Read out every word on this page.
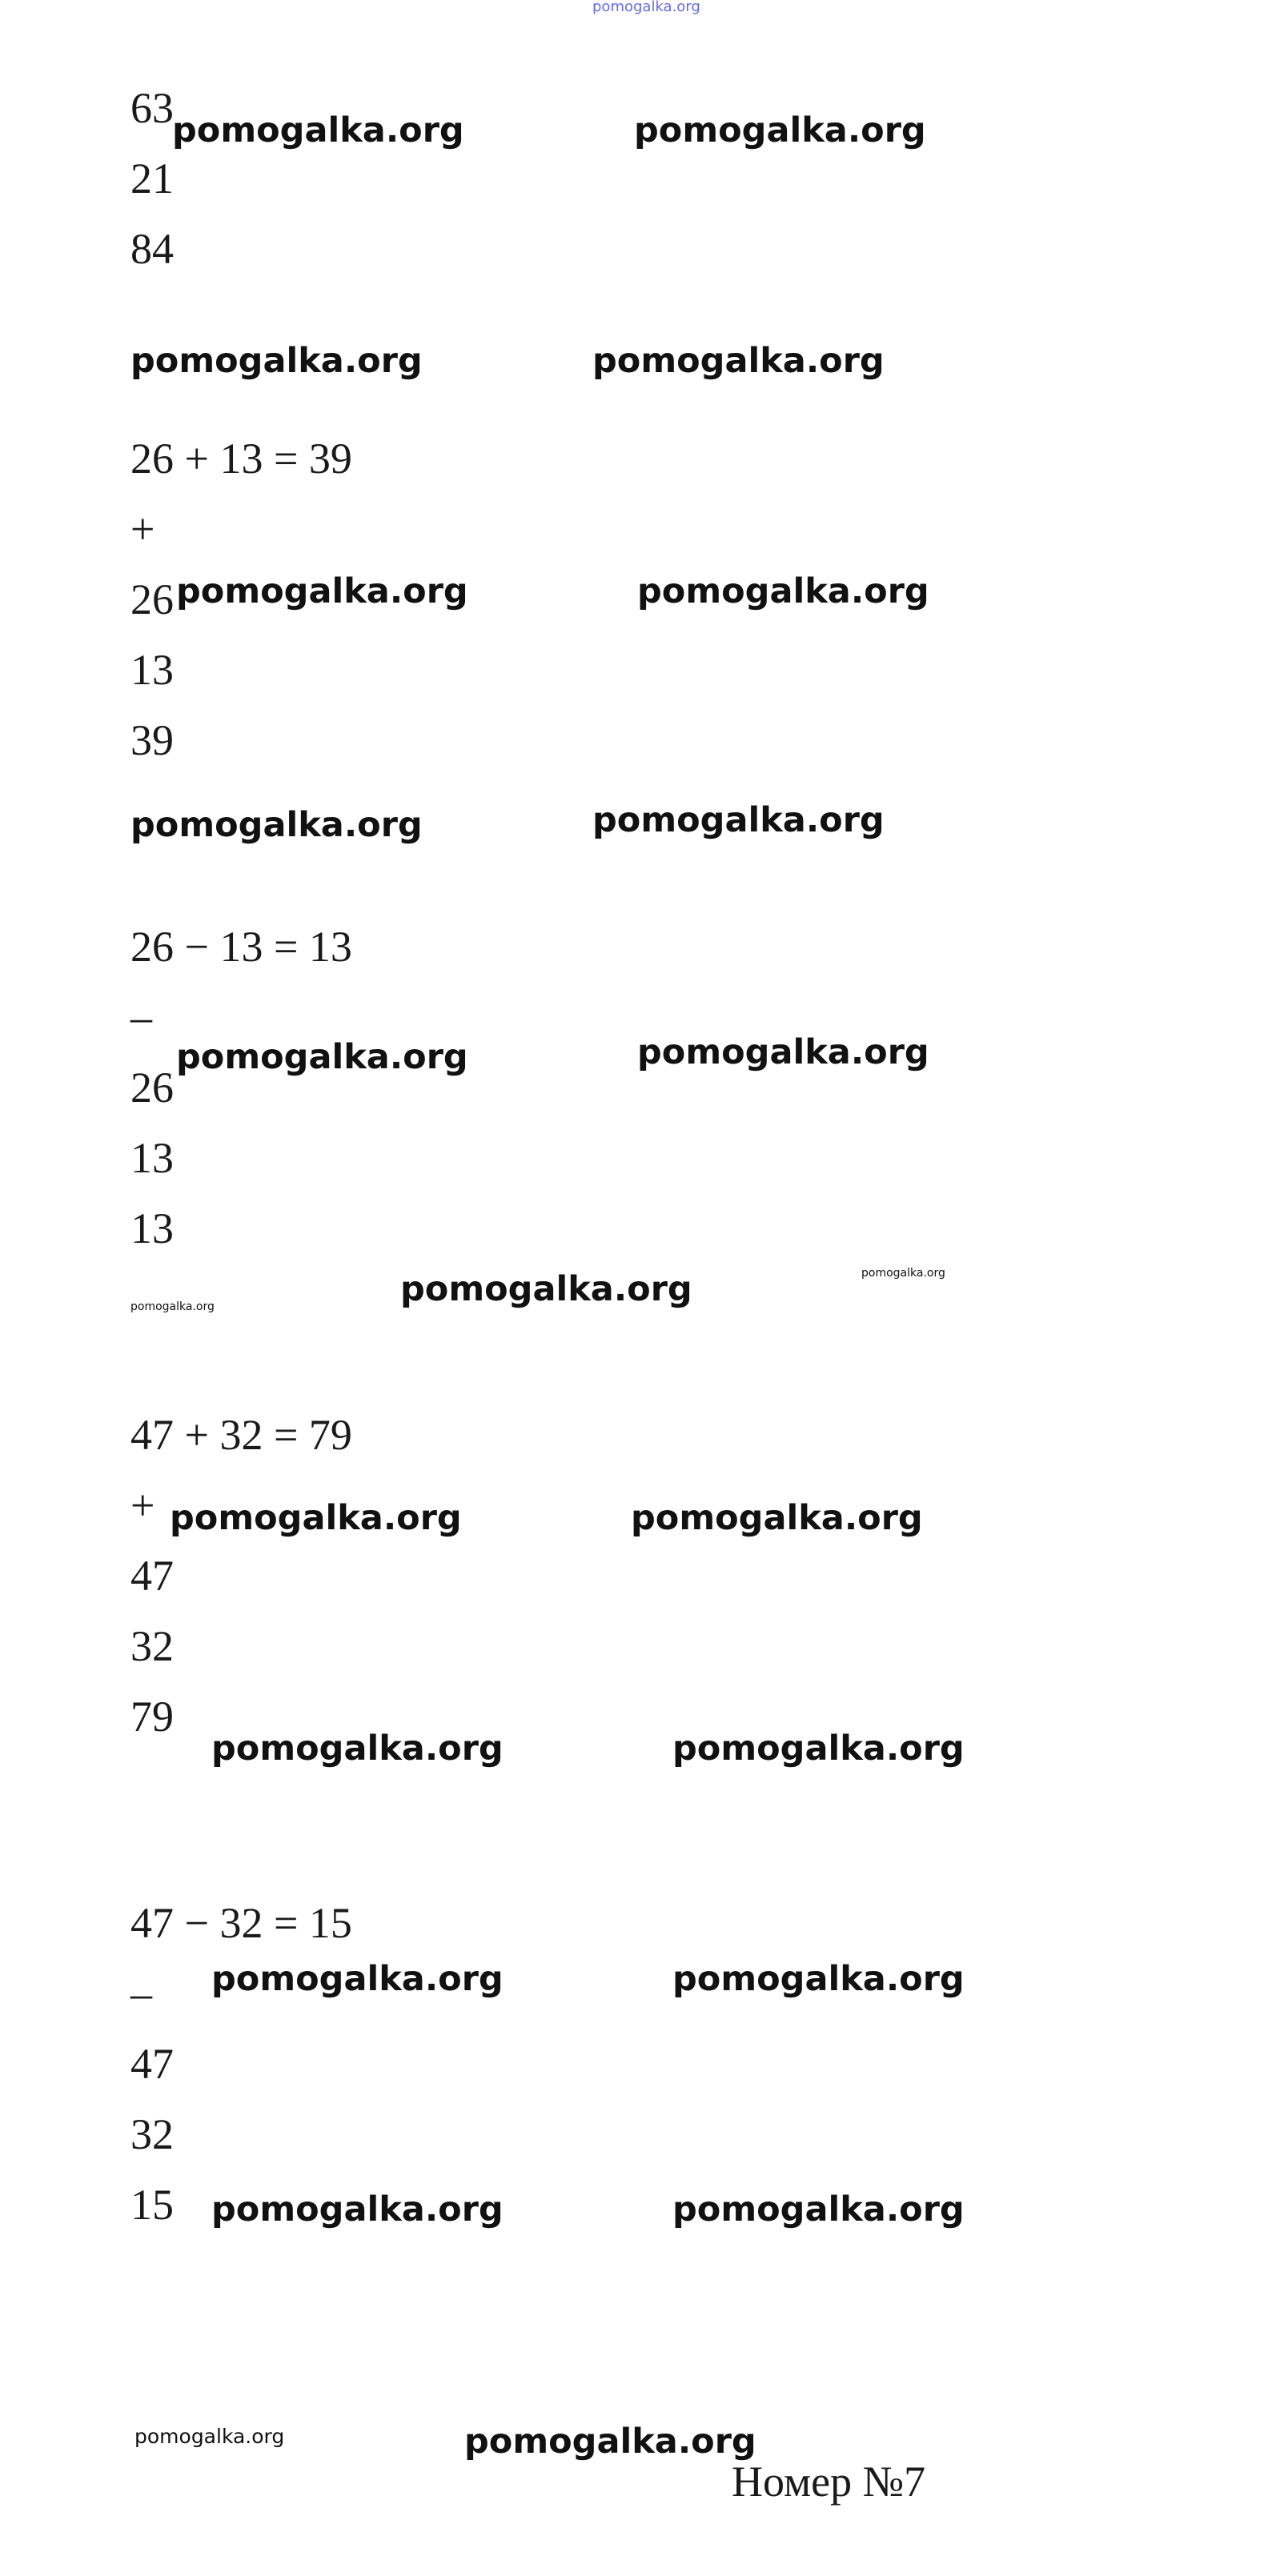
pomogalka.org
63
21
84
pomogalka.org	pomogalka.org
pomogalka.org	pomogalka.org
26 + 13 = 39
+
26
13
39
pomogalka.org	pomogalka.org
pomogalka.org	pomogalka.org
26 − 13 = 13
–
26
13
13
pomogalka.org	pomogalka.org
pomogalka.org
pomogalka.org
pomogalka.org
47 + 32 = 79
+
47
32
79
pomogalka.org	pomogalka.org
pomogalka.org	pomogalka.org
47 − 32 = 15
–
47
32
15
pomogalka.org	pomogalka.org
pomogalka.org	pomogalka.org
pomogalka.org	pomogalka.org
Номер №7
